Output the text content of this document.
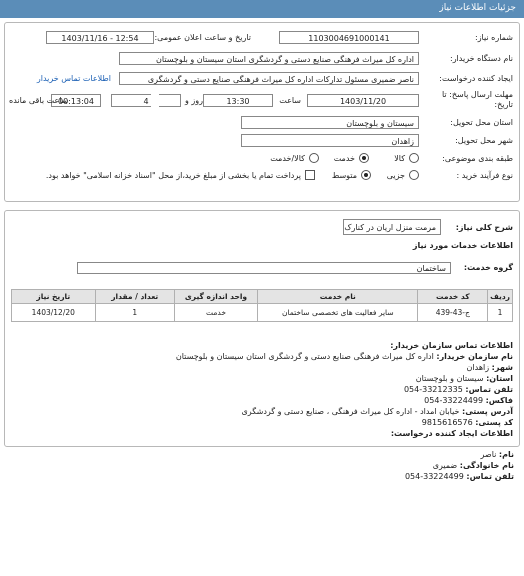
جزئیات اطلاعات نیاز
شماره نیاز:
1103004691000141
تاریخ و ساعت اعلان عمومی:
1403/11/16 - 12:54
نام دستگاه خریدار:
اداره کل میراث فرهنگی صنایع دستی و گردشگری استان سیستان و بلوچستان
ایجاد کننده درخواست:
ناصر ضمیری مسئول تدارکات اداره کل میراث فرهنگی صنایع دستی و گردشگری
اطلاعات تماس خریدار
مهلت ارسال پاسخ: تا
تاریخ:
1403/11/20
ساعت
13:30
4	روز و
00:13:04
ساعت باقی مانده
استان محل تحویل:
سیستان و بلوچستان
شهر محل تحویل:
زاهدان
طبقه بندی موضوعی:
کالا
خدمت
کالا/خدمت
نوع فرآیند خرید :
جزیی
متوسط
پرداخت تمام یا بخشی از مبلغ خرید،از محل "اسناد خزانه اسلامی" خواهد بود.
شرح کلی نیاز:
مرمت منزل اریان در کنارک
اطلاعات خدمات مورد نیاز
گروه خدمت:
ساختمان
ردیف	کد خدمت	نام خدمت	واحد اندازه گیری	تعداد / مقدار	تاریخ نیاز
1	ج-43-439	سایر فعالیت های تخصصی ساختمان	خدمت	1	1403/12/20
اطلاعات تماس سازمان خریدار:
نام سازمان خریدار: اداره کل میراث فرهنگی صنایع دستی و گردشگری استان سیستان و بلوچستان
شهر: زاهدان
استان: سیستان و بلوچستان
تلفن تماس: 054-33212335
فاکس: 054-33224499
آدرس پستی: خیابان امداد - اداره کل میراث فرهنگی ، صنایع دستی و گردشگری
کد پستی: 9815616576
اطلاعات ایجاد کننده درخواست:
نام: ناصر
نام خانوادگی: ضمیری
تلفن تماس: 054-33224499
